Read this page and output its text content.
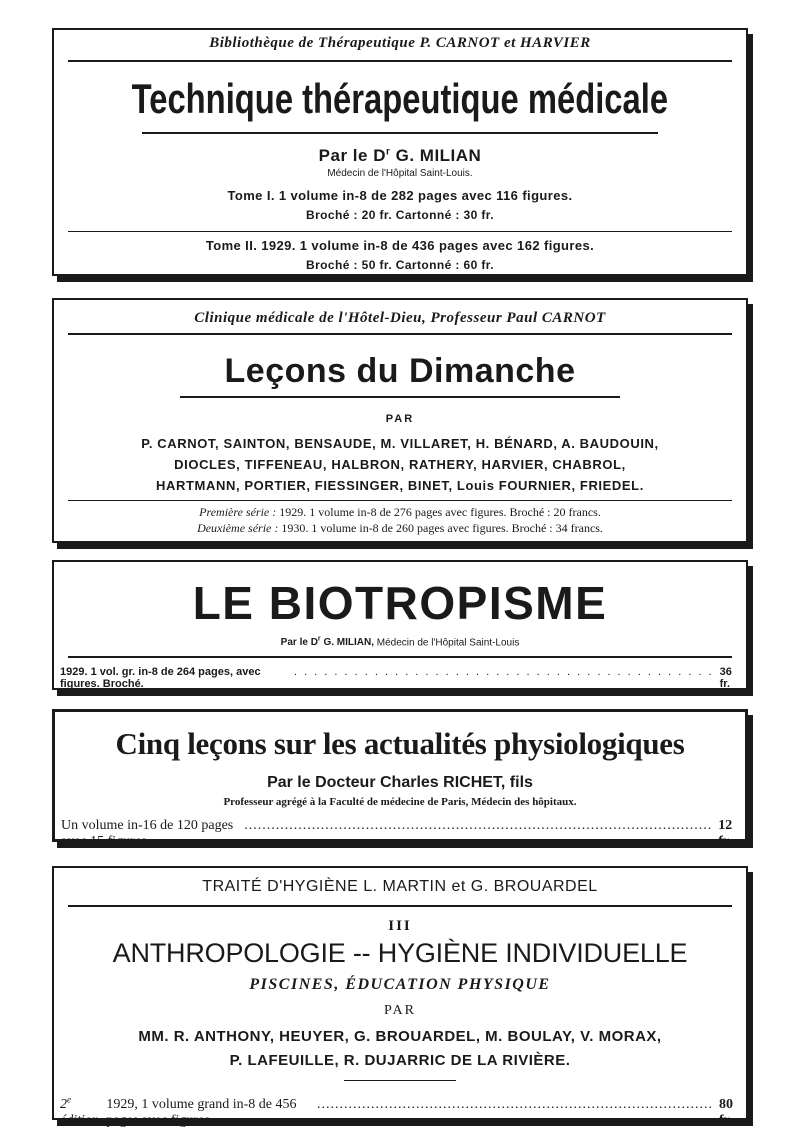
Bibliothèque de Thérapeutique P. CARNOT et HARVIER
Technique thérapeutique médicale
Par le $D^r$ G. MILIAN
Médecin de l'Hôpital Saint-Louis.
Tome I. 1 volume in-8 de 282 pages avec 116 figures.
Broché : 20 fr. Cartonné : 30 fr.
Tome II. 1929. 1 volume in-8 de 436 pages avec 162 figures.
Broché : 50 fr. Cartonné : 60 fr.
Clinique médicale de l'Hôtel-Dieu, Professeur Paul CARNOT
Leçons du Dimanche
PAR
P. CARNOT, SAINTON, BENSAUDE, M. VILLARET, H. BÉNARD, A. BAUDOUIN,
DIOCLES, TIFFENEAU, HALBRON, RATHERY, HARVIER, CHABROL,
HARTMANN, PORTIER, FIESSINGER, BINET, Louis FOURNIER, FRIEDEL.
Première série : 1929. 1 volume in-8 de 276 pages avec figures. Broché : 20 francs.
Deuxième série : 1930. 1 volume in-8 de 260 pages avec figures. Broché : 34 francs.
LE BIOTROPISME
Par le $D^r$ G. MILIAN, Médecin de l'Hôpital Saint-Louis
1929. 1 vol. gr. in-8 de 264 pages, avec figures. Broché.
. . . . . . . . . . . . . . . . . . . . . . . . . . . . . . . . . . . . . . . . . . 36 fr.
Cinq leçons sur les actualités physiologiques
Par le Docteur Charles RICHET, fils
Professeur agrégé à la Faculté de médecine de Paris, Médecin des hôpitaux.
Un volume in-16 de 120 pages avec 15 figures
........................................................................................................ 12 fr.
TRAITÉ D'HYGIÈNE L. MARTIN et G. BROUARDEL
III
ANTHROPOLOGIE -- HYGIÈNE INDIVIDUELLE
PISCINES, ÉDUCATION PHYSIQUE
PAR
MM. R. ANTHONY, HEUYER, G. BROUARDEL, M. BOULAY, V. MORAX,
P. LAFEUILLE, R. DUJARRIC DE LA RIVIÈRE.
2e édition.
1929, 1 volume grand in-8 de 456 pages avec figures
........................................................................................ 80 fr.
